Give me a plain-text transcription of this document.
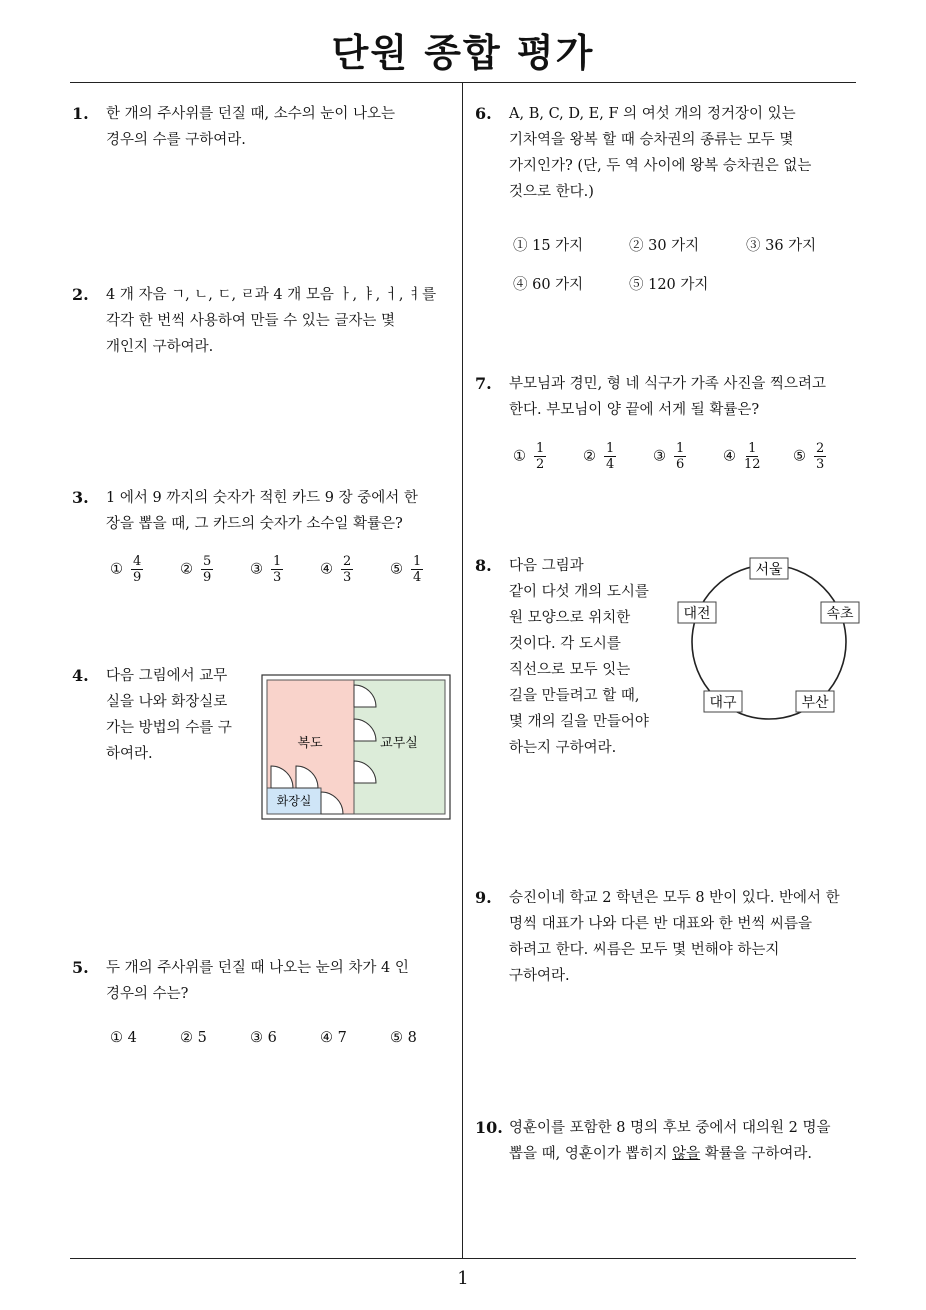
단원 종합 평가
1. 한 개의 주사위를 던질 때, 소수의 눈이 나오는
경우의 수를 구하여라.
2. 4 개 자음 ㄱ, ㄴ, ㄷ, ㄹ과 4 개 모음 ㅏ, ㅑ, ㅓ, ㅕ를
각각 한 번씩 사용하여 만들 수 있는 글자는 몇
개인지 구하여라.
3. 1 에서 9 까지의 숫자가 적힌 카드 9 장 중에서 한
장을 뽑을 때, 그 카드의 숫자가 소수일 확률은?
① $\frac{4}{9}$	② $\frac{5}{9}$	③ $\frac{1}{3}$	④ $\frac{2}{3}$	⑤ $\frac{1}{4}$
4. 다음 그림에서 교무
실을 나와 화장실로
가는 방법의 수를 구
하여라.
복도	교무실
화장실
5. 두 개의 주사위를 던질 때 나오는 눈의 차가 4 인
경우의 수는?
① 4	② 5	③ 6	④ 7	⑤ 8
6. A, B, C, D, E, F 의 여섯 개의 정거장이 있는
기차역을 왕복 할 때 승차권의 종류는 모두 몇
가지인가? (단, 두 역 사이에 왕복 승차권은 없는
것으로 한다.)
① 15 가지	② 30 가지	③ 36 가지
④ 60 가지	⑤ 120 가지
7. 부모님과 경민, 형 네 식구가 가족 사진을 찍으려고
한다. 부모님이 양 끝에 서게 될 확률은?
① $\frac{1}{2}$	② $\frac{1}{4}$	③ $\frac{1}{6}$	④ $\frac{1}{12}$ ⑤ $\frac{2}{3}$
8. 다음 그림과
같이 다섯 개의 도시를
원 모양으로 위치한
것이다. 각 도시를
직선으로 모두 잇는
길을 만들려고 할 때,
몇 개의 길을 만들어야
하는지 구하여라.
서울
속초
부산
대구
대전
9. 승진이네 학교 2 학년은 모두 8 반이 있다. 반에서 한
명씩 대표가 나와 다른 반 대표와 한 번씩 씨름을
하려고 한다. 씨름은 모두 몇 번해야 하는지
구하여라.
10. 영훈이를 포함한 8 명의 후보 중에서 대의원 2 명을
뽑을 때, 영훈이가 뽑히지 않을 확률을 구하여라.
1
